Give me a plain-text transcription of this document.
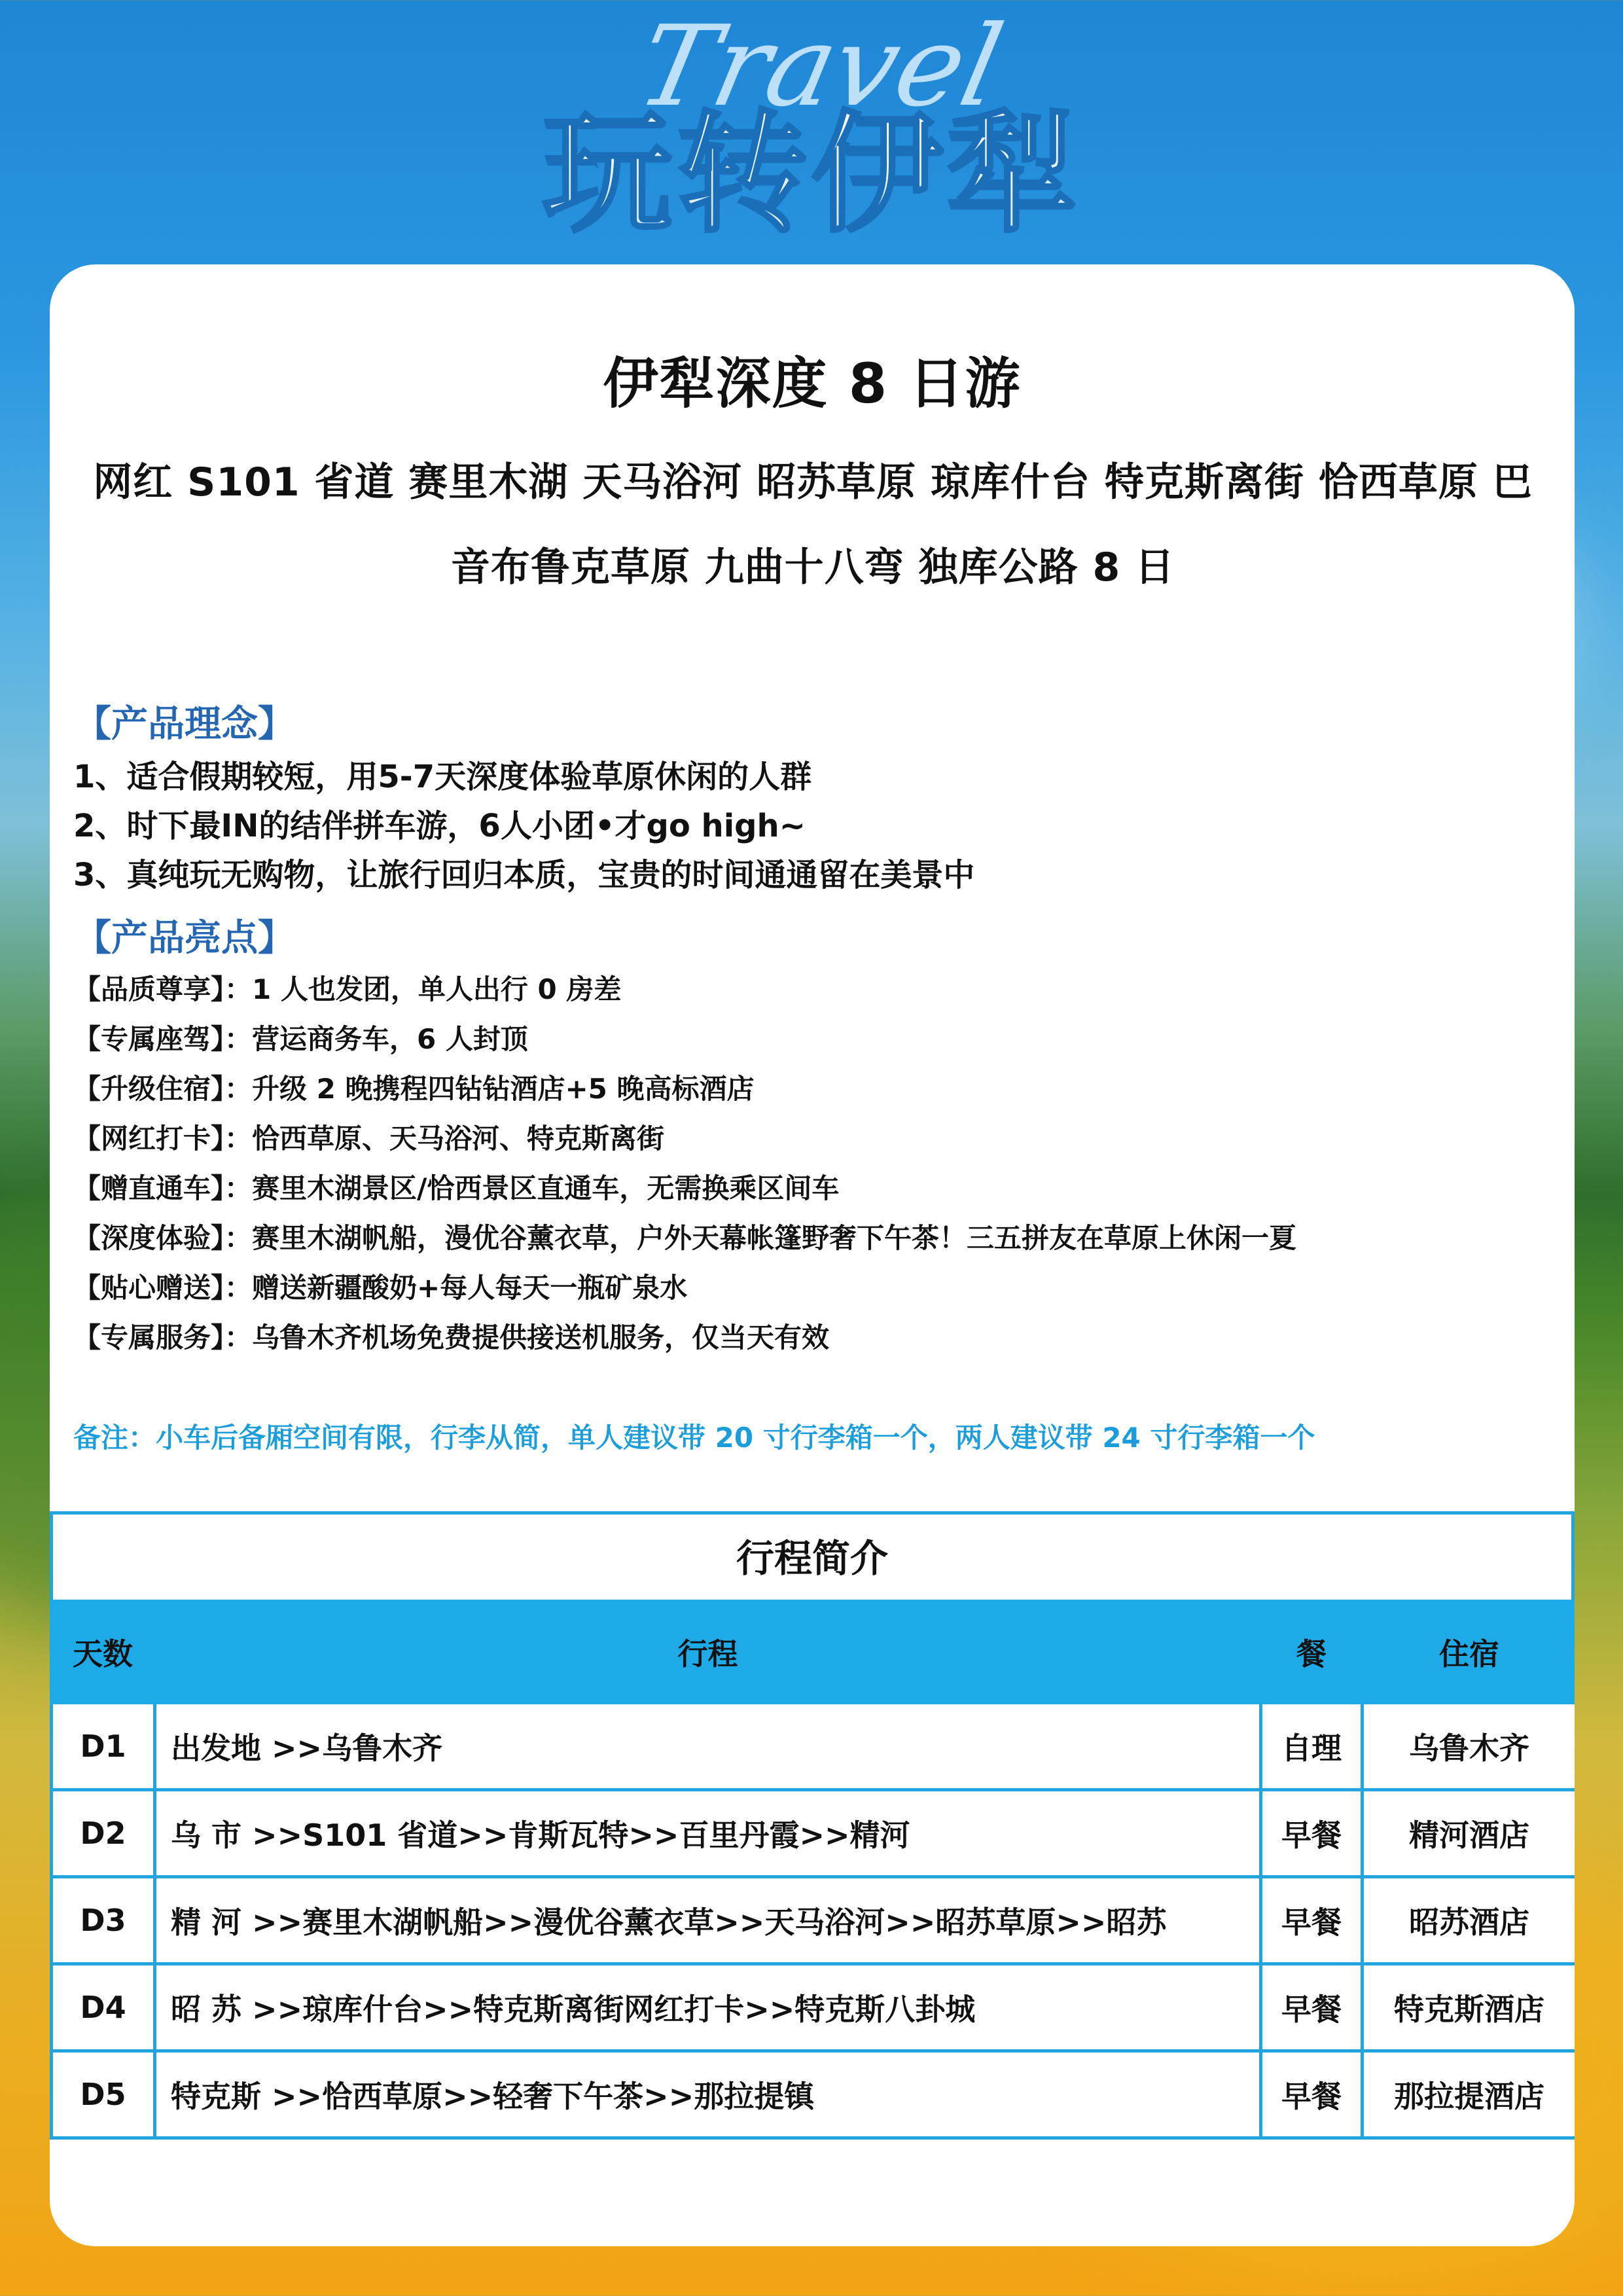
Travel
玩转伊犁
伊犁深度 8 日游
网红 S101 省道 赛里木湖 天马浴河 昭苏草原 琼库什台 特克斯离街 恰西草原 巴
音布鲁克草原 九曲十八弯 独库公路 8 日
【产品理念】
1、适合假期较短，用5-7天深度体验草原休闲的人群
2、时下最IN的结伴拼车游，6人小团•才go high~
3、真纯玩无购物，让旅行回归本质，宝贵的时间通通留在美景中
【产品亮点】
【品质尊享】：1 人也发团，单人出行 0 房差
【专属座驾】：营运商务车，6 人封顶
【升级住宿】：升级 2 晚携程四钻钻酒店+5 晚高标酒店
【网红打卡】：恰西草原、天马浴河、特克斯离街
【赠直通车】：赛里木湖景区/恰西景区直通车，无需换乘区间车
【深度体验】：赛里木湖帆船，漫优谷薰衣草，户外天幕帐篷野奢下午茶！三五拼友在草原上休闲一夏
【贴心赠送】：赠送新疆酸奶+每人每天一瓶矿泉水
【专属服务】：乌鲁木齐机场免费提供接送机服务，仅当天有效
备注：小车后备厢空间有限，行李从简，单人建议带 20 寸行李箱一个，两人建议带 24 寸行李箱一个
行程简介
天数	行程	餐	住宿
D1	出发地 >>乌鲁木齐	自理	乌鲁木齐
D2	乌 市 >>S101 省道>>肯斯瓦特>>百里丹霞>>精河	早餐	精河酒店
D3	精 河 >>赛里木湖帆船>>漫优谷薰衣草>>天马浴河>>昭苏草原>>昭苏	早餐	昭苏酒店
D4	昭 苏 >>琼库什台>>特克斯离街网红打卡>>特克斯八卦城	早餐	特克斯酒店
D5	特克斯 >>恰西草原>>轻奢下午茶>>那拉提镇	早餐	那拉提酒店
